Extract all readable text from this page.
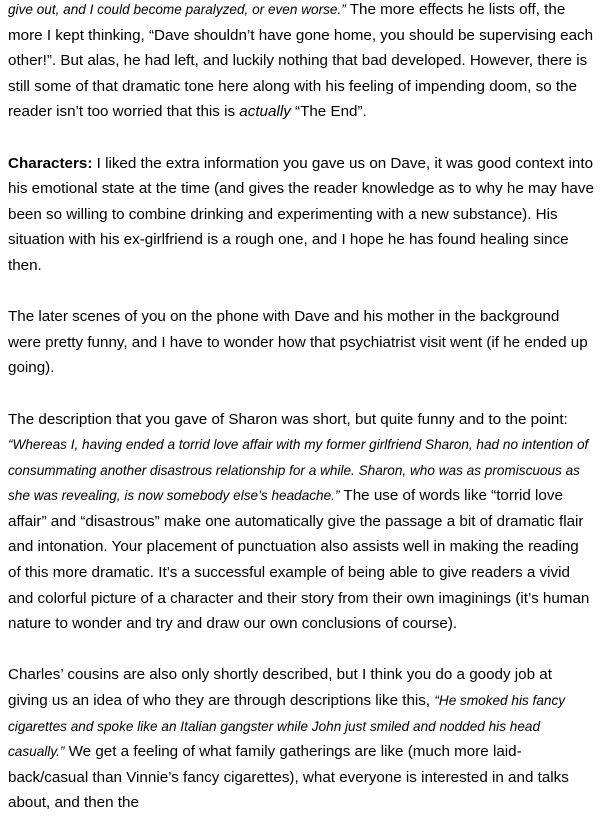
give out, and I could become paralyzed, or even worse.” The more effects he lists off, the more I kept thinking, “Dave shouldn’t have gone home, you should be supervising each other!”. But alas, he had left, and luckily nothing that bad developed. However, there is still some of that dramatic tone here along with his feeling of impending doom, so the reader isn’t too worried that this is actually “The End”.

Characters: I liked the extra information you gave us on Dave, it was good context into his emotional state at the time (and gives the reader knowledge as to why he may have been so willing to combine drinking and experimenting with a new substance). His situation with his ex-girlfriend is a rough one, and I hope he has found healing since then.

The later scenes of you on the phone with Dave and his mother in the background were pretty funny, and I have to wonder how that psychiatrist visit went (if he ended up going).

The description that you gave of Sharon was short, but quite funny and to the point: “Whereas I, having ended a torrid love affair with my former girlfriend Sharon, had no intention of consummating another disastrous relationship for a while. Sharon, who was as promiscuous as she was revealing, is now somebody else’s headache.” The use of words like “torrid love affair” and “disastrous” make one automatically give the passage a bit of dramatic flair and intonation. Your placement of punctuation also assists well in making the reading of this more dramatic. It’s a successful example of being able to give readers a vivid and colorful picture of a character and their story from their own imaginings (it’s human nature to wonder and try and draw our own conclusions of course).

Charles’ cousins are also only shortly described, but I think you do a goody job at giving us an idea of who they are through descriptions like this, “He smoked his fancy cigarettes and spoke like an Italian gangster while John just smiled and nodded his head casually.” We get a feeling of what family gatherings are like (much more laid-back/casual than Vinnie’s fancy cigarettes), what everyone is interested in and talks about, and then the
